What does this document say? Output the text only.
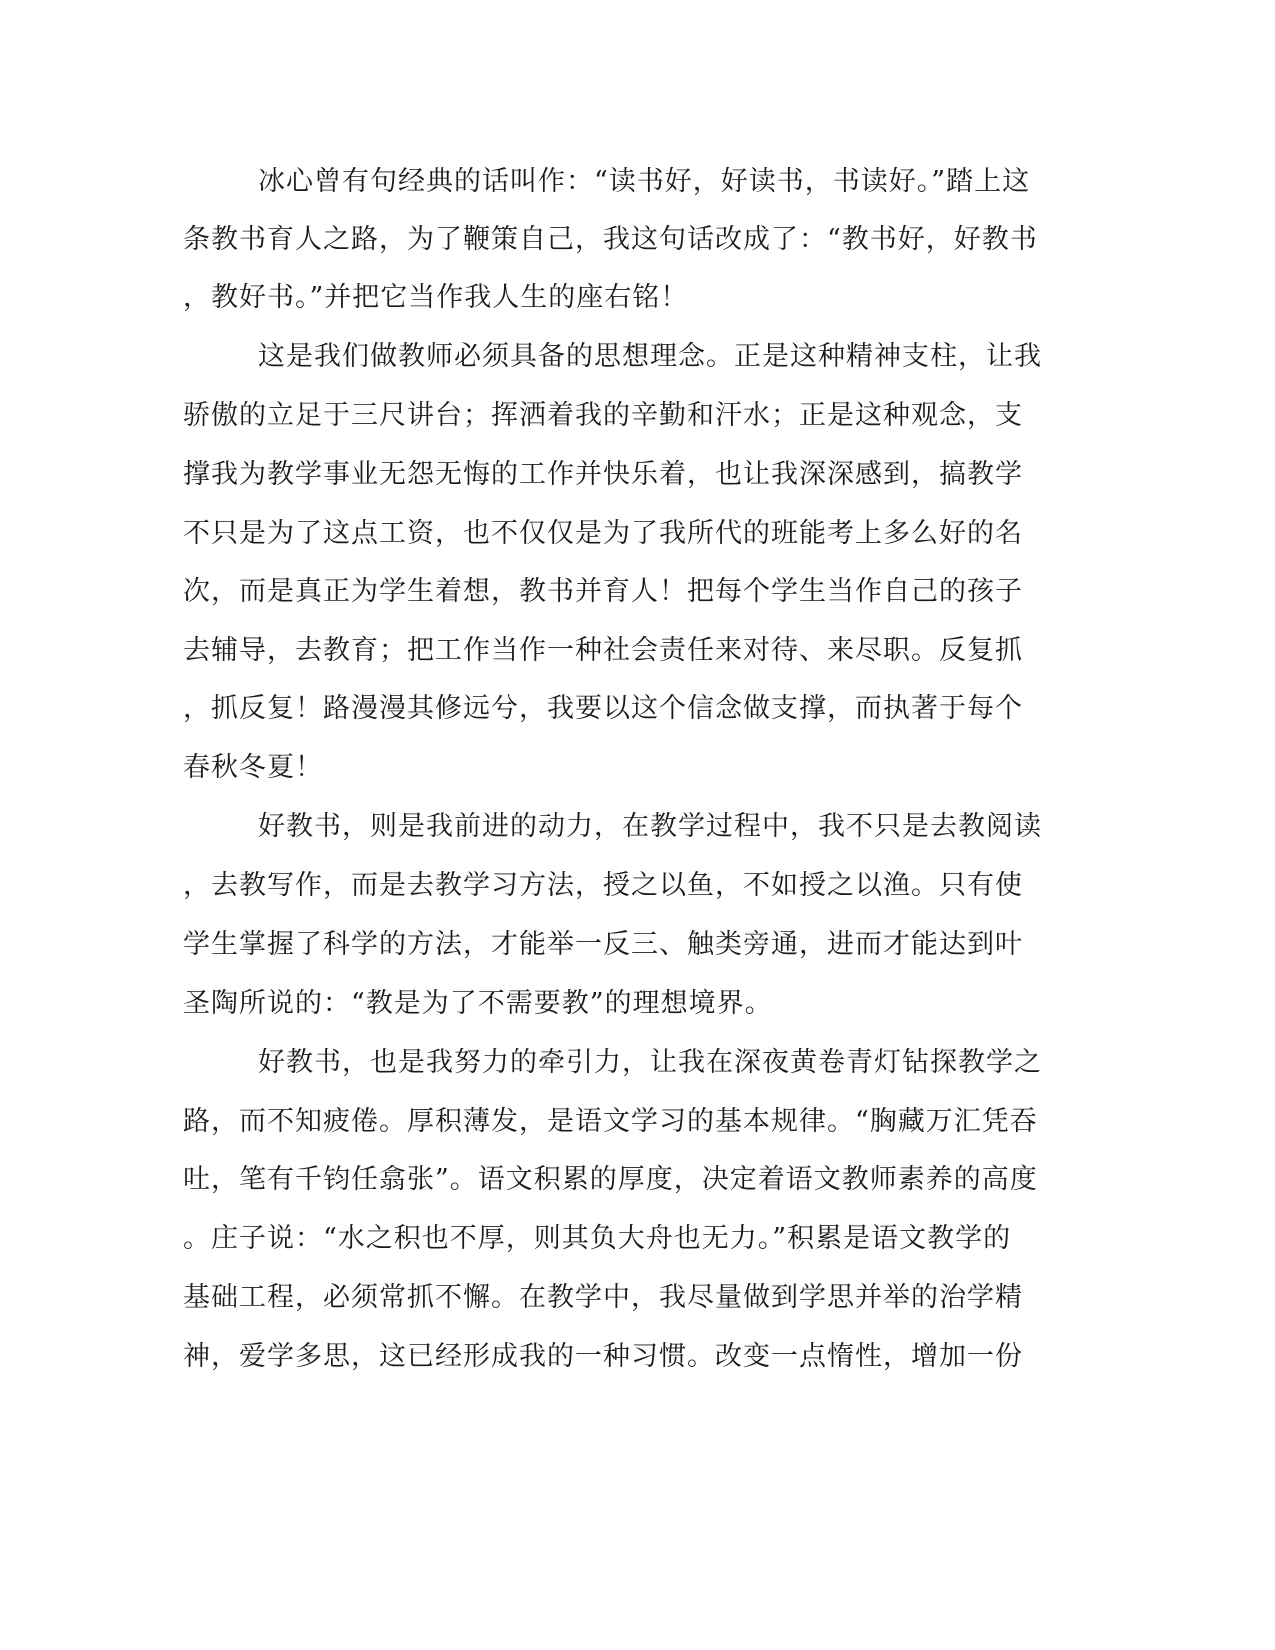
冰心曾有句经典的话叫作：“读书好，好读书，书读好。”踏上这
条教书育人之路，为了鞭策自己，我这句话改成了：“教书好，好教书
，教好书。”并把它当作我人生的座右铭！
这是我们做教师必须具备的思想理念。正是这种精神支柱，让我
骄傲的立足于三尺讲台；挥洒着我的辛勤和汗水；正是这种观念，支
撑我为教学事业无怨无悔的工作并快乐着，也让我深深感到，搞教学
不只是为了这点工资，也不仅仅是为了我所代的班能考上多么好的名
次，而是真正为学生着想，教书并育人！把每个学生当作自己的孩子
去辅导，去教育；把工作当作一种社会责任来对待、来尽职。反复抓
，抓反复！路漫漫其修远兮，我要以这个信念做支撑，而执著于每个
春秋冬夏！
好教书，则是我前进的动力，在教学过程中，我不只是去教阅读
，去教写作，而是去教学习方法，授之以鱼，不如授之以渔。只有使
学生掌握了科学的方法，才能举一反三、触类旁通，进而才能达到叶
圣陶所说的：“教是为了不需要教”的理想境界。
好教书，也是我努力的牵引力，让我在深夜黄卷青灯钻探教学之
路，而不知疲倦。厚积薄发，是语文学习的基本规律。“胸藏万汇凭吞
吐，笔有千钧任翕张”。语文积累的厚度，决定着语文教师素养的高度
。庄子说：“水之积也不厚，则其负大舟也无力。”积累是语文教学的
基础工程，必须常抓不懈。在教学中，我尽量做到学思并举的治学精
神，爱学多思，这已经形成我的一种习惯。改变一点惰性，增加一份
